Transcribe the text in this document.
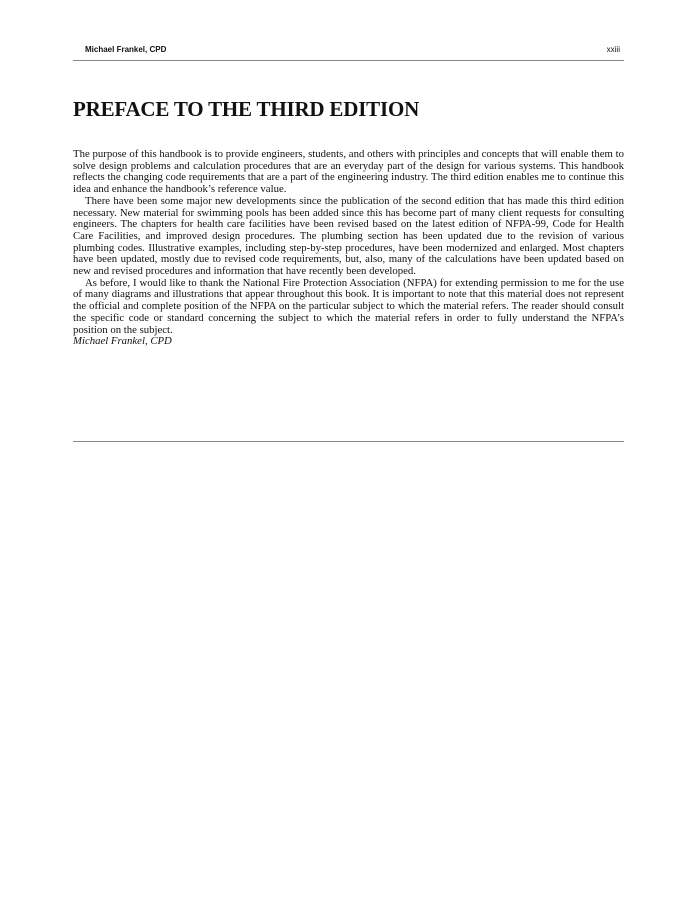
Michael Frankel, CPD	xxiii
PREFACE TO THE THIRD EDITION

The purpose of this handbook is to provide engineers, students, and others with principles and concepts that will enable them to solve design problems and calculation procedures that are an everyday part of the design for various systems. This handbook reflects the changing code requirements that are a part of the engineering industry. The third edition enables me to continue this idea and enhance the handbook’s reference value.

There have been some major new developments since the publication of the second edition that has made this third edition necessary. New material for swimming pools has been added since this has become part of many client requests for consulting engineers. The chapters for health care facilities have been revised based on the latest edition of NFPA-99, Code for Health Care Facilities, and improved design procedures. The plumbing section has been updated due to the revision of various plumbing codes. Illustrative examples, including step-by-step procedures, have been modernized and enlarged. Most chapters have been updated, mostly due to revised code requirements, but, also, many of the calculations have been updated based on new and revised procedures and information that have recently been developed.

As before, I would like to thank the National Fire Protection Association (NFPA) for extending permission to me for the use of many diagrams and illustrations that appear throughout this book. It is important to note that this material does not represent the official and complete position of the NFPA on the particular subject to which the material refers. The reader should consult the specific code or standard concerning the subject to which the material refers in order to fully understand the NFPA’s position on the subject.

Michael Frankel, CPD
